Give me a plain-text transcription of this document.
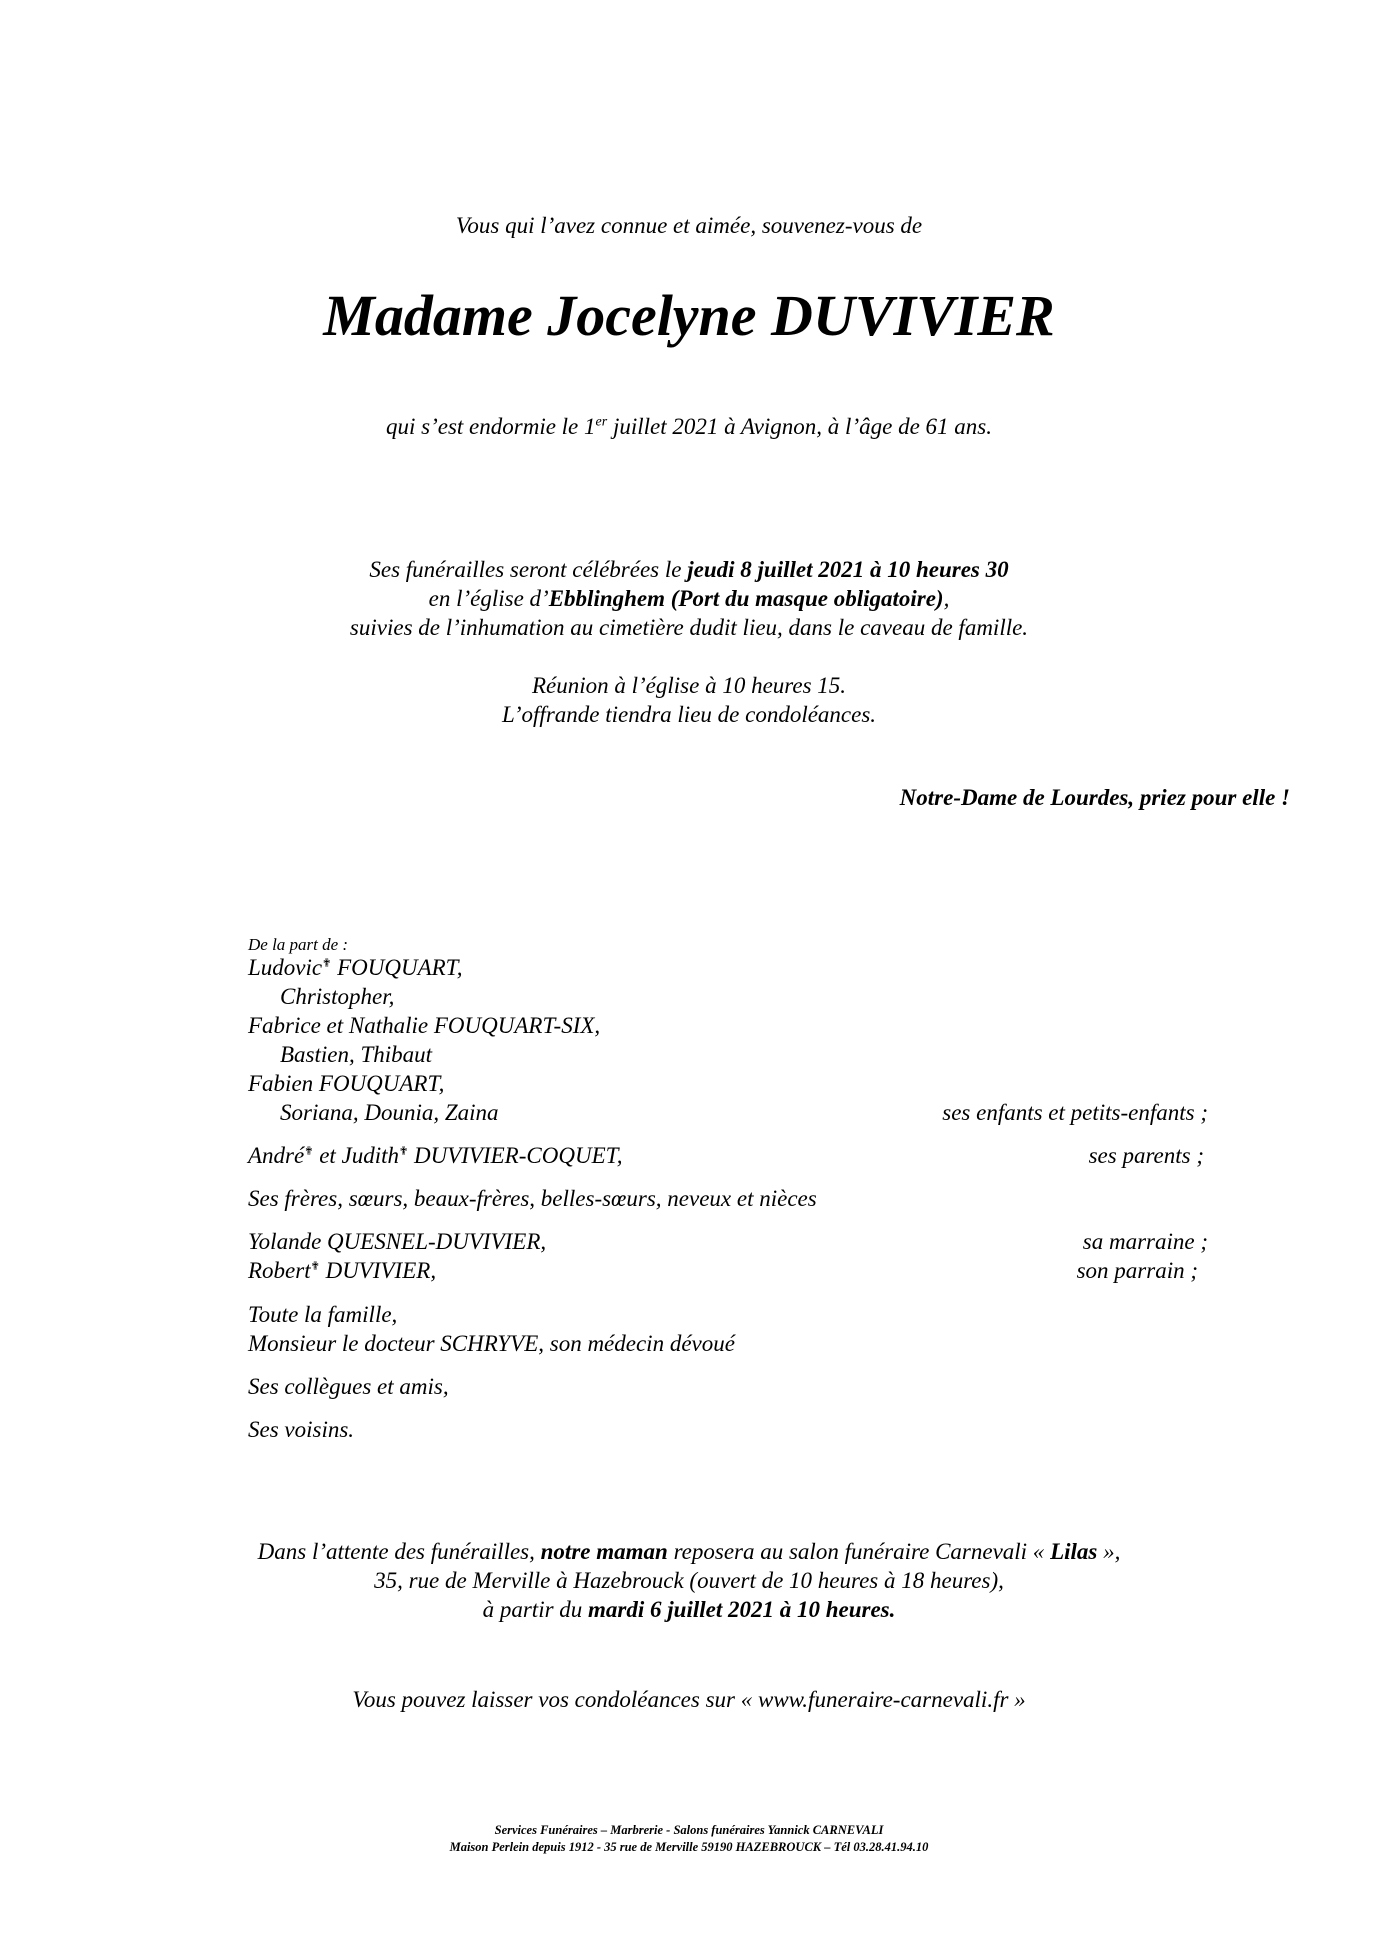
Vous qui l’avez connue et aimée, souvenez-vous de
Madame Jocelyne DUVIVIER
qui s’est endormie le 1er juillet 2021 à Avignon, à l’âge de 61 ans.
Ses funérailles seront célébrées le jeudi 8 juillet 2021 à 10 heures 30
en l’église d’Ebblinghem (Port du masque obligatoire),
suivies de l’inhumation au cimetière dudit lieu, dans le caveau de famille.
Réunion à l’église à 10 heures 15.
L’offrande tiendra lieu de condoléances.
Notre-Dame de Lourdes, priez pour elle !
De la part de :
Ludovic✟ FOUQUART,
Christopher,
Fabrice et Nathalie FOUQUART-SIX,
Bastien, Thibaut
Fabien FOUQUART,
Soriana, Dounia, Zaina	ses enfants et petits-enfants ;
André✟ et Judith✟ DUVIVIER-COQUET,	ses parents ;
Ses frères, sœurs, beaux-frères, belles-sœurs, neveux et nièces
Yolande QUESNEL-DUVIVIER,	sa marraine ;
Robert✟ DUVIVIER,	son parrain ;
Toute la famille,
Monsieur le docteur SCHRYVE, son médecin dévoué
Ses collègues et amis,
Ses voisins.
Dans l’attente des funérailles, notre maman reposera au salon funéraire Carnevali « Lilas »,
35, rue de Merville à Hazebrouck (ouvert de 10 heures à 18 heures),
à partir du mardi 6 juillet 2021 à 10 heures.
Vous pouvez laisser vos condoléances sur « www.funeraire-carnevali.fr »
Services Funéraires – Marbrerie - Salons funéraires Yannick CARNEVALI
Maison Perlein depuis 1912 - 35 rue de Merville 59190 HAZEBROUCK – Tél 03.28.41.94.10
